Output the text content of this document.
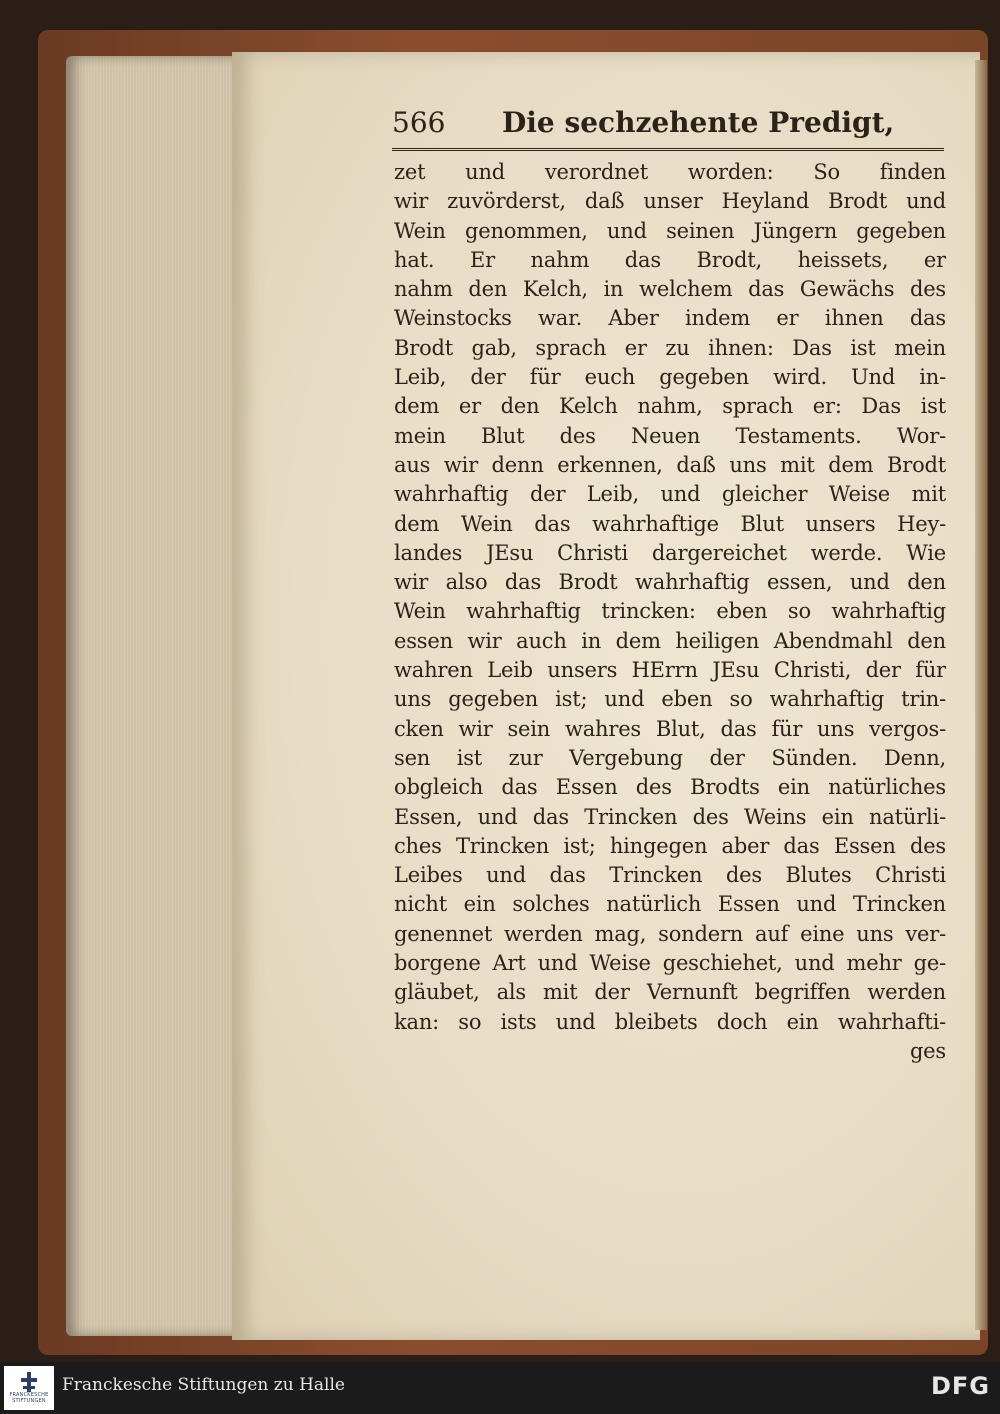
566 Die sechzehente Predigt,
zet und verordnet worden: So finden
wir zuvörderst, daß unser Heyland Brodt und
Wein genommen, und seinen Jüngern gegeben
hat. Er nahm das Brodt, heissets, er
nahm den Kelch, in welchem das Gewächs des
Weinstocks war. Aber indem er ihnen das
Brodt gab, sprach er zu ihnen: Das ist mein
Leib, der für euch gegeben wird. Und in-
dem er den Kelch nahm, sprach er: Das ist
mein Blut des Neuen Testaments. Wor-
aus wir denn erkennen, daß uns mit dem Brodt
wahrhaftig der Leib, und gleicher Weise mit
dem Wein das wahrhaftige Blut unsers Hey-
landes JEsu Christi dargereichet werde. Wie
wir also das Brodt wahrhaftig essen, und den
Wein wahrhaftig trincken: eben so wahrhaftig
essen wir auch in dem heiligen Abendmahl den
wahren Leib unsers HErrn JEsu Christi, der für
uns gegeben ist; und eben so wahrhaftig trin-
cken wir sein wahres Blut, das für uns vergos-
sen ist zur Vergebung der Sünden. Denn,
obgleich das Essen des Brodts ein natürliches
Essen, und das Trincken des Weins ein natürli-
ches Trincken ist; hingegen aber das Essen des
Leibes und das Trincken des Blutes Christi
nicht ein solches natürlich Essen und Trincken
genennet werden mag, sondern auf eine uns ver-
borgene Art und Weise geschiehet, und mehr ge-
gläubet, als mit der Vernunft begriffen werden
kan: so ists und bleibets doch ein wahrhafti-
ges
FRANCKESCHE
STIFTUNGEN
Franckesche Stiftungen zu Halle	DFG
